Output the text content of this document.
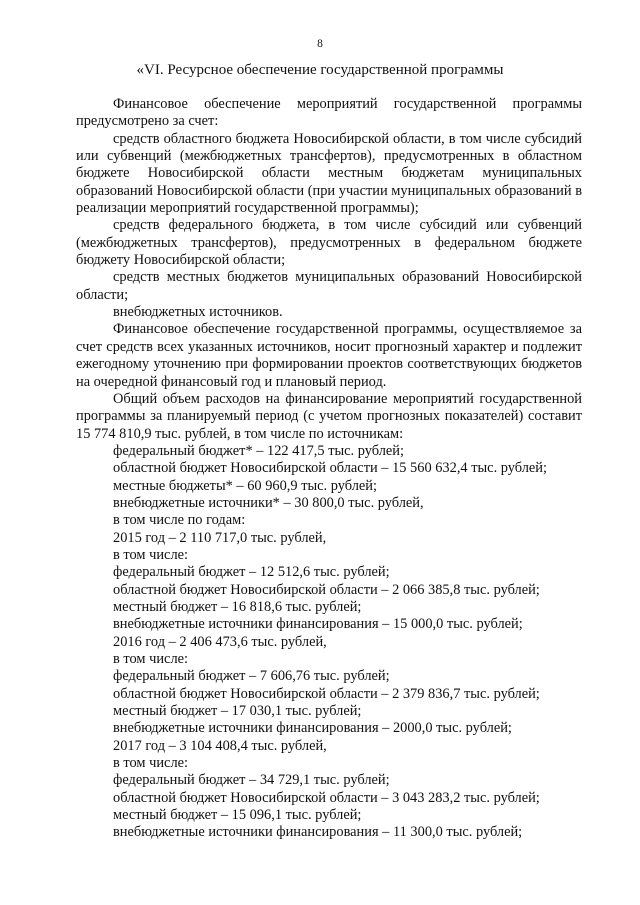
8
«VI. Ресурсное обеспечение государственной программы

Финансовое обеспечение мероприятий государственной программы предусмотрено за счет:

средств областного бюджета Новосибирской области, в том числе субсидий или субвенций (межбюджетных трансфертов), предусмотренных в областном бюджете Новосибирской области местным бюджетам муниципальных образований Новосибирской области (при участии муниципальных образований в реализации мероприятий государственной программы);

средств федерального бюджета, в том числе субсидий или субвенций (межбюджетных трансфертов), предусмотренных в федеральном бюджете бюджету Новосибирской области;

средств местных бюджетов муниципальных образований Новосибирской области;

внебюджетных источников.

Финансовое обеспечение государственной программы, осуществляемое за счет средств всех указанных источников, носит прогнозный характер и подлежит ежегодному уточнению при формировании проектов соответствующих бюджетов на очередной финансовый год и плановый период.

Общий объем расходов на финансирование мероприятий государственной программы за планируемый период (с учетом прогнозных показателей) составит 15 774 810,9 тыс. рублей, в том числе по источникам:

федеральный бюджет* – 122 417,5 тыс. рублей;

областной бюджет Новосибирской области – 15 560 632,4 тыс. рублей;

местные бюджеты* – 60 960,9 тыс. рублей;

внебюджетные источники* – 30 800,0 тыс. рублей,

в том числе по годам:

2015 год – 2 110 717,0 тыс. рублей,

в том числе:

федеральный бюджет – 12 512,6 тыс. рублей;

областной бюджет Новосибирской области – 2 066 385,8 тыс. рублей;

местный бюджет – 16 818,6 тыс. рублей;

внебюджетные источники финансирования – 15 000,0 тыс. рублей;

2016 год – 2 406 473,6 тыс. рублей,

в том числе:

федеральный бюджет – 7 606,76 тыс. рублей;

областной бюджет Новосибирской области – 2 379 836,7 тыс. рублей;

местный бюджет – 17 030,1 тыс. рублей;

внебюджетные источники финансирования – 2000,0 тыс. рублей;

2017 год – 3 104 408,4 тыс. рублей,

в том числе:

федеральный бюджет – 34 729,1 тыс. рублей;

областной бюджет Новосибирской области – 3 043 283,2 тыс. рублей;

местный бюджет – 15 096,1 тыс. рублей;

внебюджетные источники финансирования – 11 300,0 тыс. рублей;
